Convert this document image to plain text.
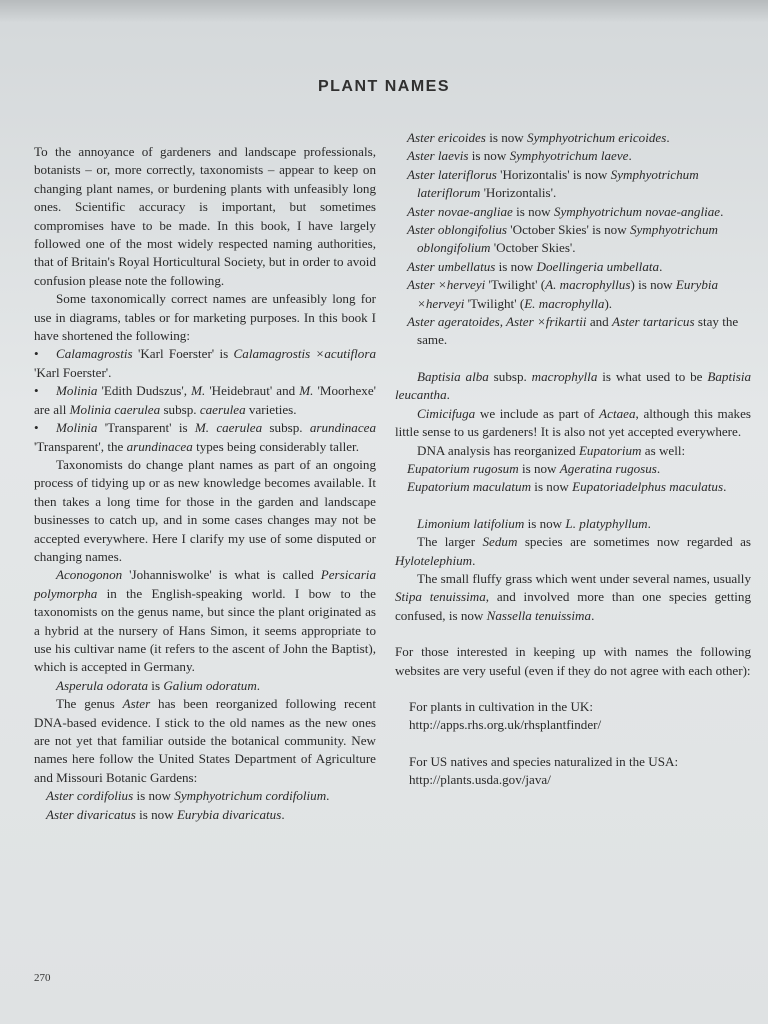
PLANT NAMES

To the annoyance of gardeners and landscape professionals, botanists – or, more correctly, taxonomists – appear to keep on changing plant names, or burdening plants with unfeasibly long ones. Scientific accuracy is important, but sometimes compromises have to be made. In this book, I have largely followed one of the most widely respected naming authorities, that of Britain's Royal Horticultural Society, but in order to avoid confusion please note the following.

Some taxonomically correct names are unfeasibly long for use in diagrams, tables or for marketing purposes. In this book I have shortened the following:

• Calamagrostis 'Karl Foerster' is Calamagrostis ×acutiflora 'Karl Foerster'.

• Molinia 'Edith Dudszus', M. 'Heidebraut' and M. 'Moorhexe' are all Molinia caerulea subsp. caerulea varieties.

• Molinia 'Transparent' is M. caerulea subsp. arundinacea 'Transparent', the arundinacea types being considerably taller.

Taxonomists do change plant names as part of an ongoing process of tidying up or as new knowledge becomes available. It then takes a long time for those in the garden and landscape businesses to catch up, and in some cases changes may not be accepted everywhere. Here I clarify my use of some disputed or changing names.

Aconogonon 'Johanniswolke' is what is called Persicaria polymorpha in the English-speaking world. I bow to the taxonomists on the genus name, but since the plant originated as a hybrid at the nursery of Hans Simon, it seems appropriate to use his cultivar name (it refers to the ascent of John the Baptist), which is accepted in Germany.

Asperula odorata is Galium odoratum.

The genus Aster has been reorganized following recent DNA-based evidence. I stick to the old names as the new ones are not yet that familiar outside the botanical community. New names here follow the United States Department of Agriculture and Missouri Botanic Gardens:

Aster cordifolius is now Symphyotrichum cordifolium.

Aster divaricatus is now Eurybia divaricatus.

Aster ericoides is now Symphyotrichum ericoides.

Aster laevis is now Symphyotrichum laeve.

Aster lateriflorus 'Horizontalis' is now Symphyotrichum lateriflorum 'Horizontalis'.

Aster novae-angliae is now Symphyotrichum novae-angliae.

Aster oblongifolius 'October Skies' is now Symphyotrichum oblongifolium 'October Skies'.

Aster umbellatus is now Doellingeria umbellata.

Aster ×herveyi 'Twilight' (A. macrophyllus) is now Eurybia ×herveyi 'Twilight' (E. macrophylla).

Aster ageratoides, Aster ×frikartii and Aster tartaricus stay the same.

Baptisia alba subsp. macrophylla is what used to be Baptisia leucantha.

Cimicifuga we include as part of Actaea, although this makes little sense to us gardeners! It is also not yet accepted everywhere.

DNA analysis has reorganized Eupatorium as well:

Eupatorium rugosum is now Ageratina rugosus.

Eupatorium maculatum is now Eupatoriadelphus maculatus.

Limonium latifolium is now L. platyphyllum.

The larger Sedum species are sometimes now regarded as Hylotelephium.

The small fluffy grass which went under several names, usually Stipa tenuissima, and involved more than one species getting confused, is now Nassella tenuissima.

For those interested in keeping up with names the following websites are very useful (even if they do not agree with each other):

For plants in cultivation in the UK:

http://apps.rhs.org.uk/rhsplantfinder/

For US natives and species naturalized in the USA:

http://plants.usda.gov/java/

270
